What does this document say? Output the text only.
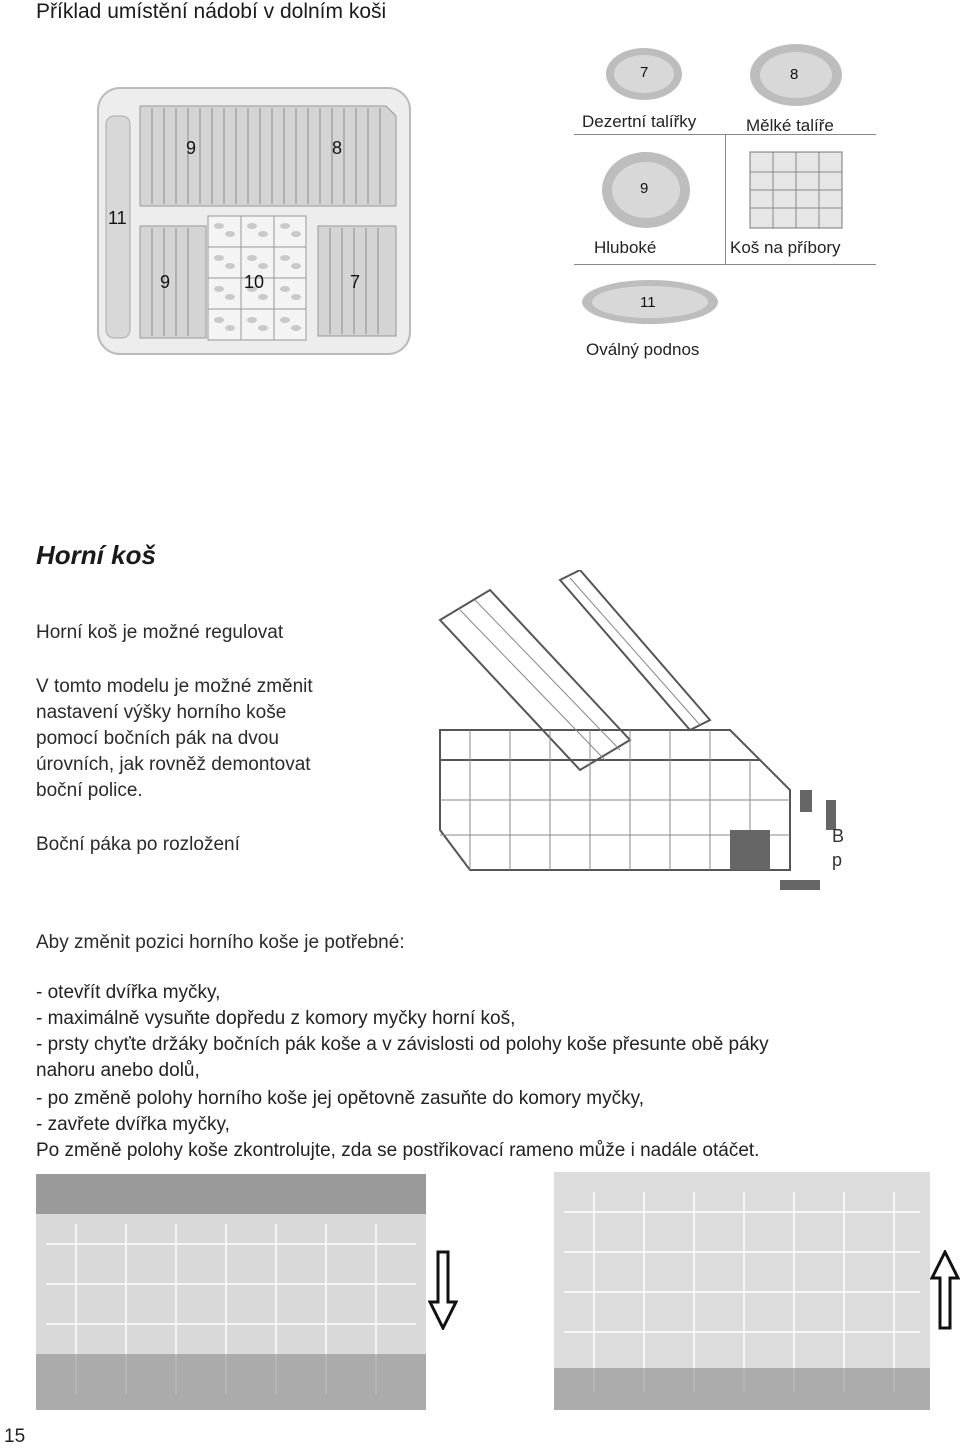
Příklad umístění nádobí v dolním koši
9	8
11
9	10	7
7
Dezertní talířky
8
Mělké talíře
9
Hluboké	Koš na příbory
11
Oválný podnos
Horní koš
Horní koš je možné regulovat
V tomto modelu je možné změnit
nastavení výšky horního koše
pomocí bočních pák na dvou
úrovních, jak rovněž demontovat
boční police.
Boční páka po rozložení	B
p
Aby změnit pozici horního koše je potřebné:
- otevřít dvířka myčky,
- maximálně vysuňte dopředu z komory myčky horní koš,
- prsty chyťte držáky bočních pák koše a v závislosti od polohy koše přesunte obě páky
nahoru anebo dolů,
- po změně polohy horního koše jej opětovně zasuňte do komory myčky,
- zavřete dvířka myčky,
Po změně polohy koše zkontrolujte, zda se postřikovací rameno může i nadále otáčet.
15
